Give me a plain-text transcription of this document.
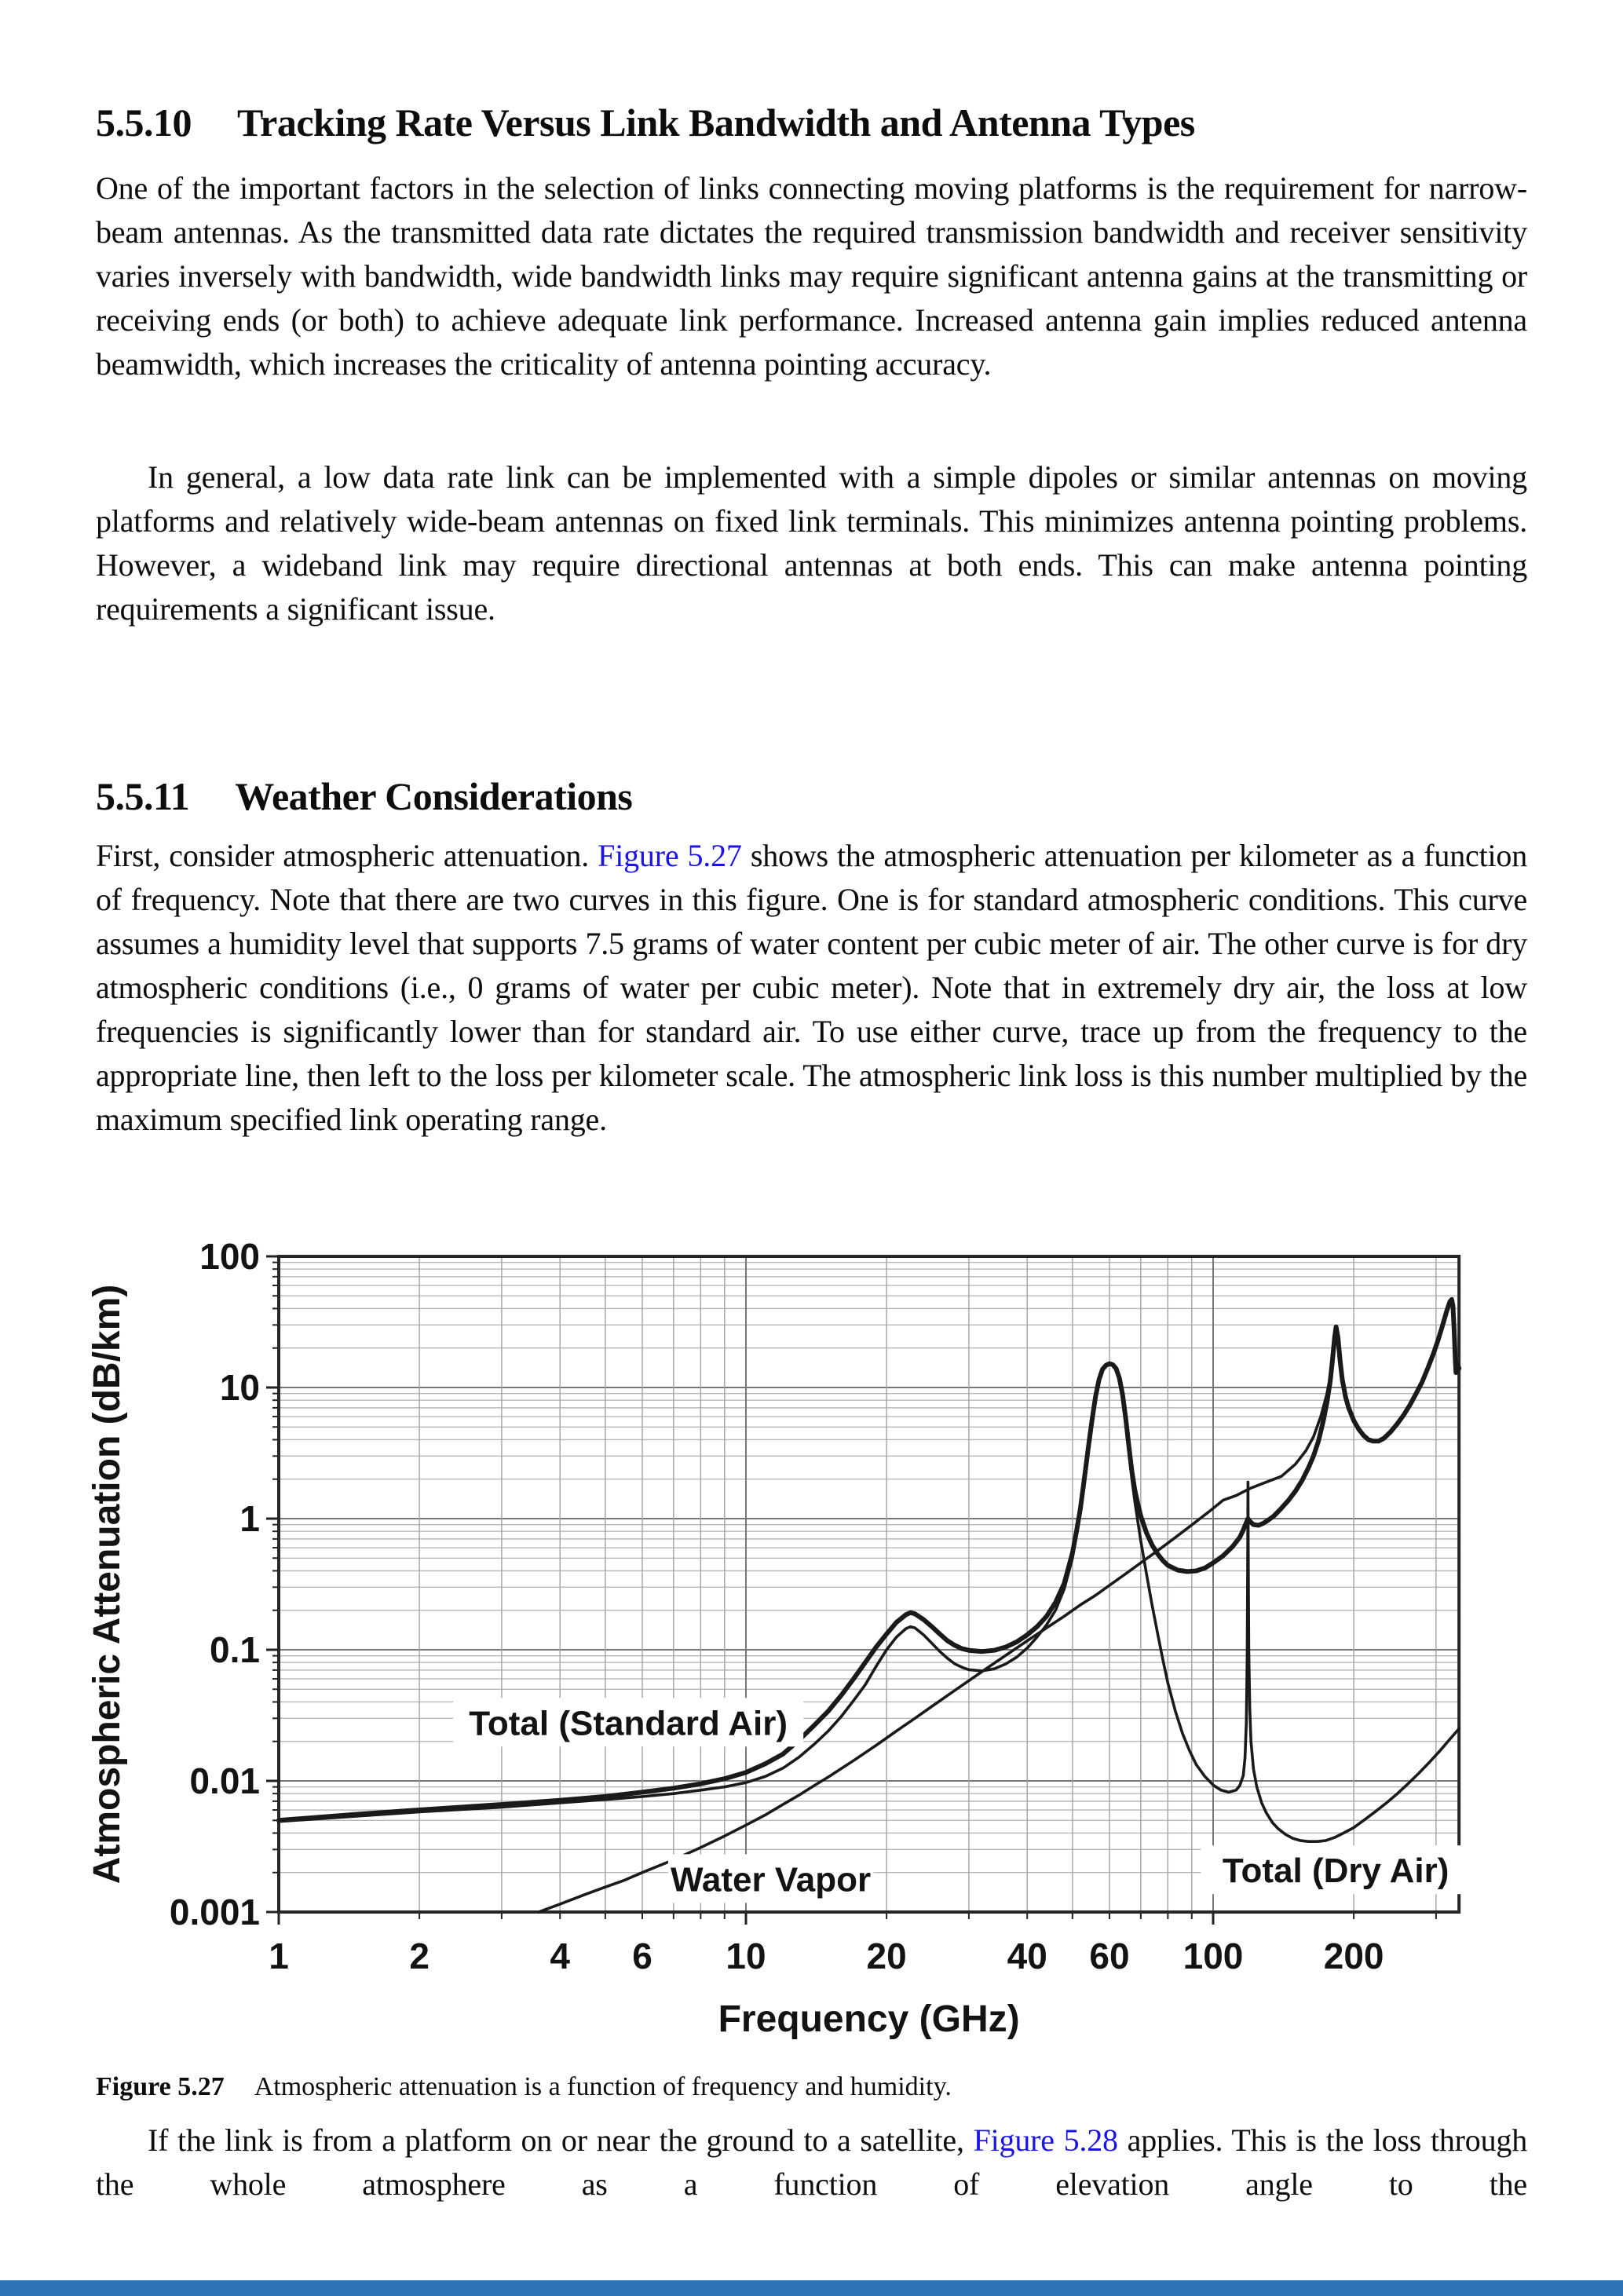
5.5.10 Tracking Rate Versus Link Bandwidth and Antenna Types

One of the important factors in the selection of links connecting moving platforms is the requirement for narrow-beam antennas. As the transmitted data rate dictates the required transmission bandwidth and receiver sensitivity varies inversely with bandwidth, wide bandwidth links may require significant antenna gains at the transmitting or receiving ends (or both) to achieve adequate link performance. Increased antenna gain implies reduced antenna beamwidth, which increases the criticality of antenna pointing accuracy.

In general, a low data rate link can be implemented with a simple dipoles or similar antennas on moving platforms and relatively wide-beam antennas on fixed link terminals. This minimizes antenna pointing problems. However, a wideband link may require directional antennas at both ends. This can make antenna pointing requirements a significant issue.

5.5.11 Weather Considerations

First, consider atmospheric attenuation. Figure 5.27 shows the atmospheric attenuation per kilometer as a function of frequency. Note that there are two curves in this figure. One is for standard atmospheric conditions. This curve assumes a humidity level that supports 7.5 grams of water content per cubic meter of air. The other curve is for dry atmospheric conditions (i.e., 0 grams of water per cubic meter). Note that in extremely dry air, the loss at low frequencies is significantly lower than for standard air. To use either curve, trace up from the frequency to the appropriate line, then left to the loss per kilometer scale. The atmospheric link loss is this number multiplied by the maximum specified link operating range.

Total (Standard Air)
Total (Dry Air)
Water Vapor
1	2	4 6 10	20	40 60 100 200
100
10
1
0.1
0.01
0.001
Frequency (GHz)
Atmospheric Attenuation (dB/km)
Figure 5.27 Atmospheric attenuation is a function of frequency and humidity.

If the link is from a platform on or near the ground to a satellite, Figure 5.28 applies. This is the loss through the whole atmosphere as a function of elevation angle to the
